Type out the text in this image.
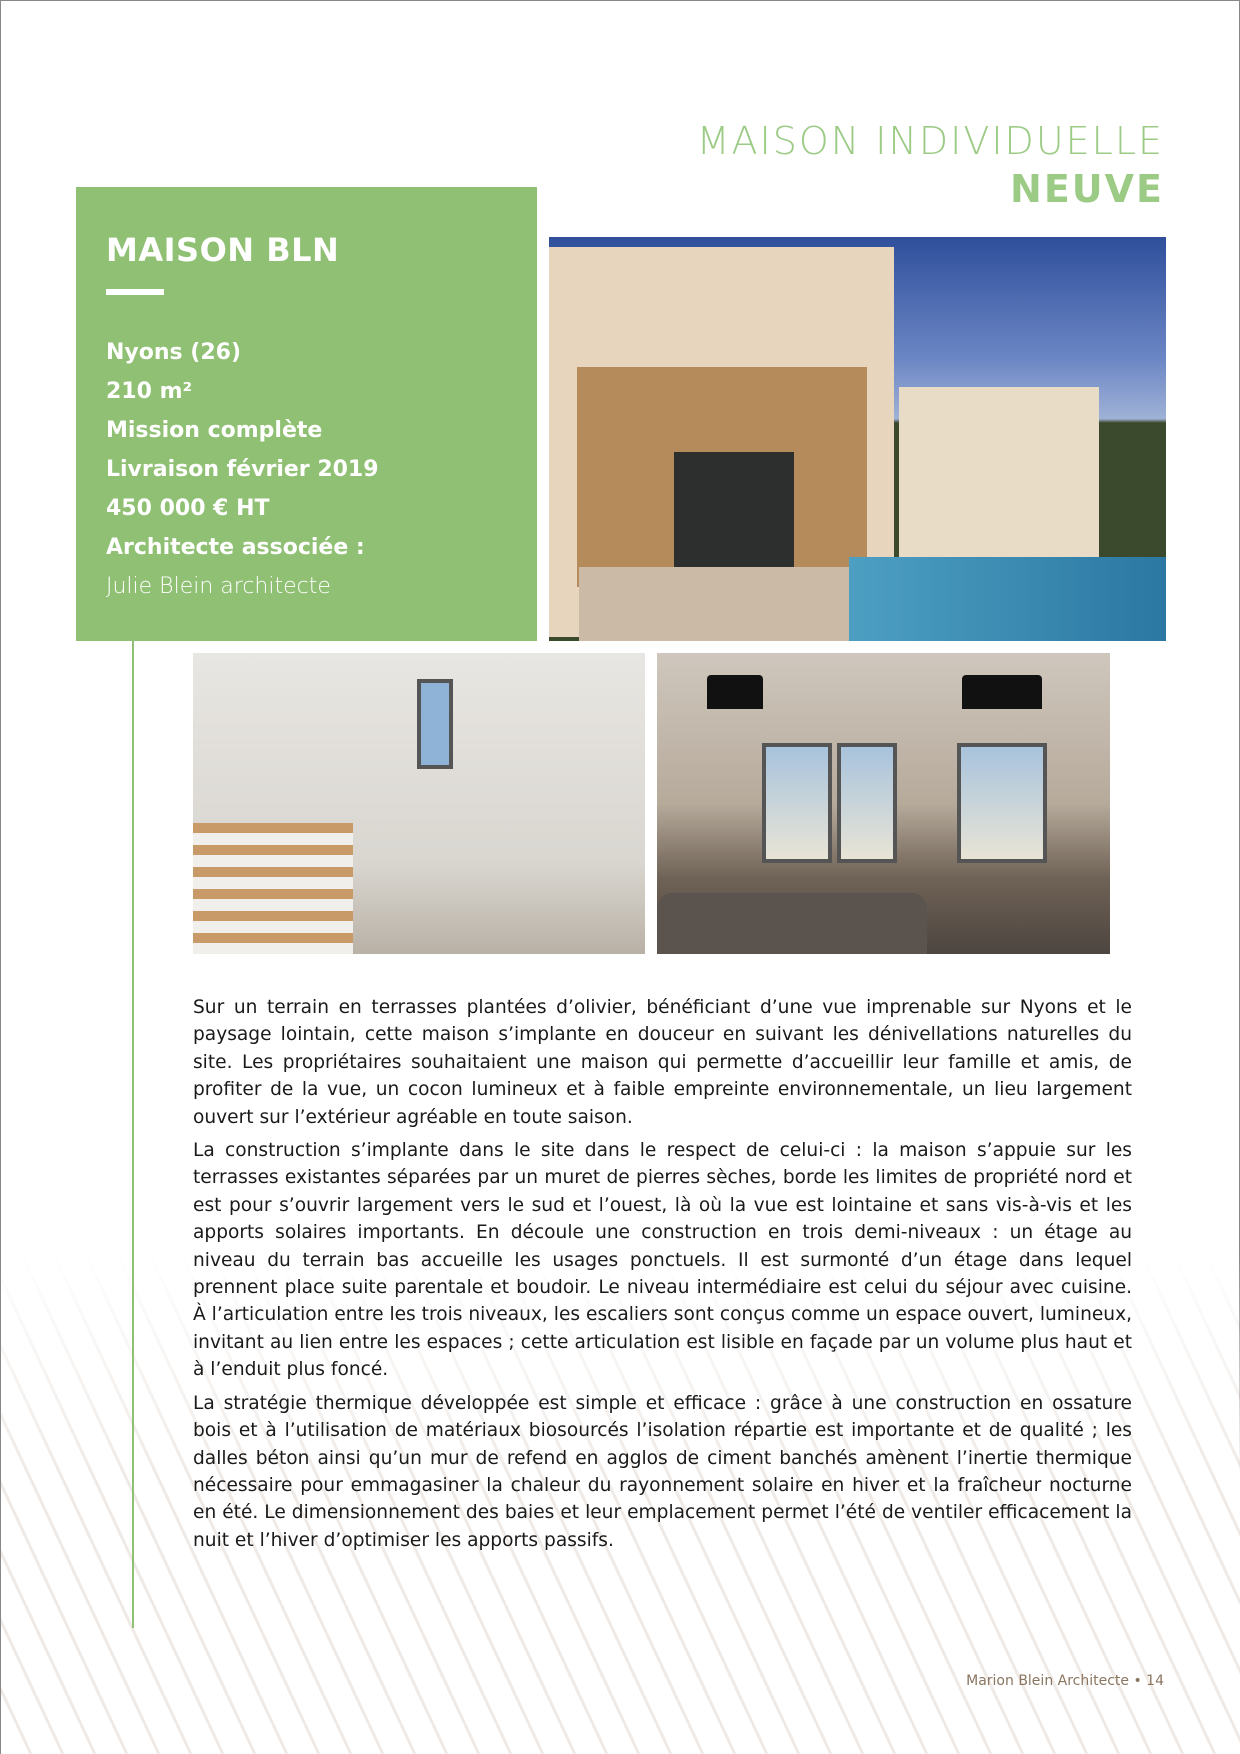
MAISON INDIVIDUELLE
NEUVE
MAISON BLN
Nyons (26)
210 m²
Mission complète
Livraison février 2019
450 000 € HT
Architecte associée :
Julie Blein architecte

Sur un terrain en terrasses plantées d’olivier, bénéficiant d’une vue imprenable sur Nyons et le paysage lointain, cette maison s’implante en douceur en suivant les dénivellations naturelles du site. Les propriétaires souhaitaient une maison qui permette d’accueillir leur famille et amis, de profiter de la vue, un cocon lumineux et à faible empreinte environnementale, un lieu largement ouvert sur l’extérieur agréable en toute saison.

La construction s’implante dans le site dans le respect de celui-ci : la maison s’appuie sur les terrasses existantes séparées par un muret de pierres sèches, borde les limites de propriété nord et est pour s’ouvrir largement vers le sud et l’ouest, là où la vue est lointaine et sans vis-à-vis et les apports solaires importants. En découle une construction en trois demi-niveaux : un étage au niveau du terrain bas accueille les usages ponctuels. Il est surmonté d’un étage dans lequel prennent place suite parentale et boudoir. Le niveau intermédiaire est celui du séjour avec cuisine. À l’articulation entre les trois niveaux, les escaliers sont conçus comme un espace ouvert, lumineux, invitant au lien entre les espaces ; cette articulation est lisible en façade par un volume plus haut et à l’enduit plus foncé.

La stratégie thermique développée est simple et efficace : grâce à une construction en ossature bois et à l’utilisation de matériaux biosourcés l’isolation répartie est importante et de qualité ; les dalles béton ainsi qu’un mur de refend en agglos de ciment banchés amènent l’inertie thermique nécessaire pour emmagasiner la chaleur du rayonnement solaire en hiver et la fraîcheur nocturne en été. Le dimensionnement des baies et leur emplacement permet l’été de ventiler efficacement la nuit et l’hiver d’optimiser les apports passifs.

Marion Blein Architecte • 14
